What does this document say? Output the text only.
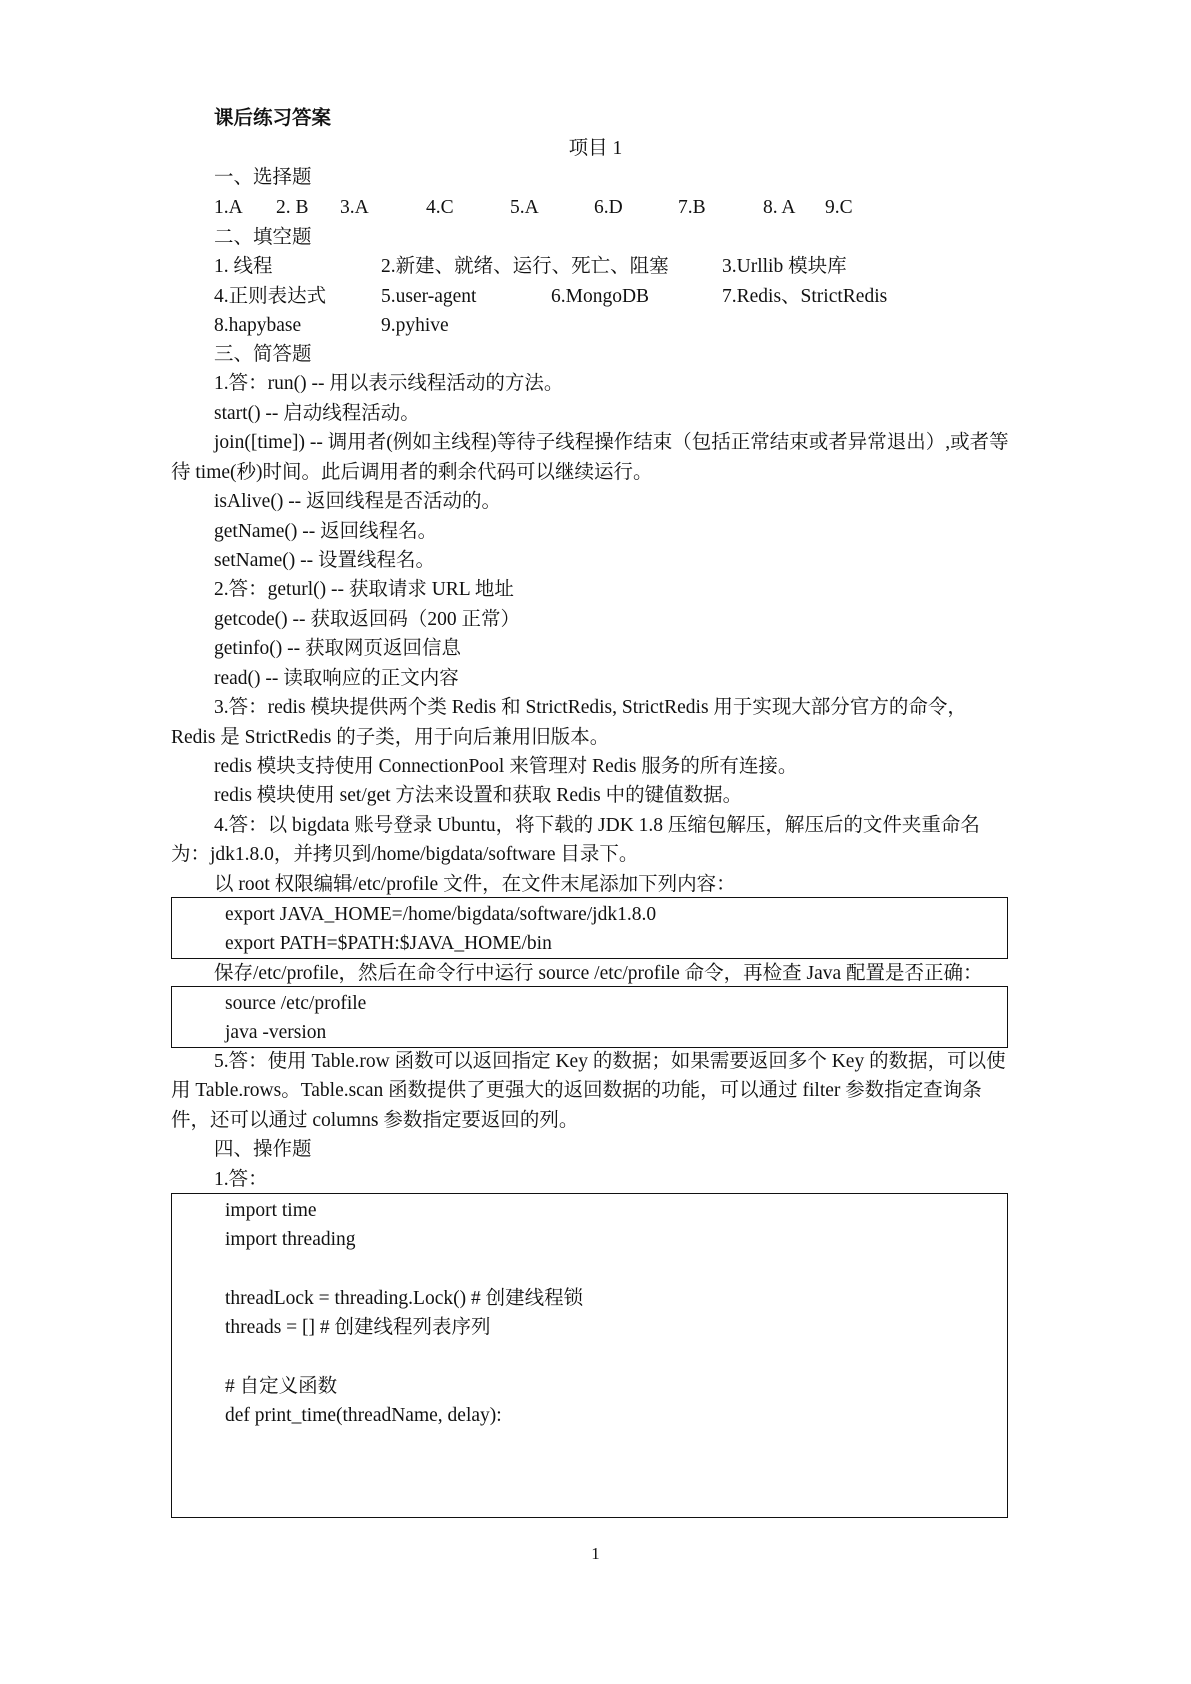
课后练习答案
项目 1
一、选择题
1.A 2. B 3.A	4.C	5.A	6.D	7.B	8. A 9.C
二、填空题
1. 线程	2.新建、就绪、运行、死亡、阻塞	3.Urllib 模块库
4.正则表达式	5.user-agent	6.MongoDB	7.Redis、StrictRedis
8.hapybase	9.pyhive
三、简答题
1.答：run() -- 用以表示线程活动的方法。
start() -- 启动线程活动。
join([time]) -- 调用者(例如主线程)等待子线程操作结束（包括正常结束或者异常退出）,或者等
待 time(秒)时间。此后调用者的剩余代码可以继续运行。
isAlive() -- 返回线程是否活动的。
getName() -- 返回线程名。
setName() -- 设置线程名。
2.答：geturl() -- 获取请求 URL 地址
getcode() -- 获取返回码（200 正常）
getinfo() -- 获取网页返回信息
read() -- 读取响应的正文内容
3.答：redis 模块提供两个类 Redis 和 StrictRedis, StrictRedis 用于实现大部分官方的命令，
Redis 是 StrictRedis 的子类，用于向后兼用旧版本。
redis 模块支持使用 ConnectionPool 来管理对 Redis 服务的所有连接。
redis 模块使用 set/get 方法来设置和获取 Redis 中的键值数据。
4.答：以 bigdata 账号登录 Ubuntu，将下载的 JDK 1.8 压缩包解压，解压后的文件夹重命名
为：jdk1.8.0，并拷贝到/home/bigdata/software 目录下。
以 root 权限编辑/etc/profile 文件，在文件末尾添加下列内容：
export JAVA_HOME=/home/bigdata/software/jdk1.8.0
export PATH=$PATH:$JAVA_HOME/bin
保存/etc/profile，然后在命令行中运行 source /etc/profile 命令，再检查 Java 配置是否正确：
source /etc/profile
java -version
5.答：使用 Table.row 函数可以返回指定 Key 的数据；如果需要返回多个 Key 的数据，可以使
用 Table.rows。Table.scan 函数提供了更强大的返回数据的功能，可以通过 filter 参数指定查询条
件，还可以通过 columns 参数指定要返回的列。
四、操作题
1.答：
import time
import threading
threadLock = threading.Lock() # 创建线程锁
threads = [] # 创建线程列表序列
# 自定义函数
def print_time(threadName, delay):
1
